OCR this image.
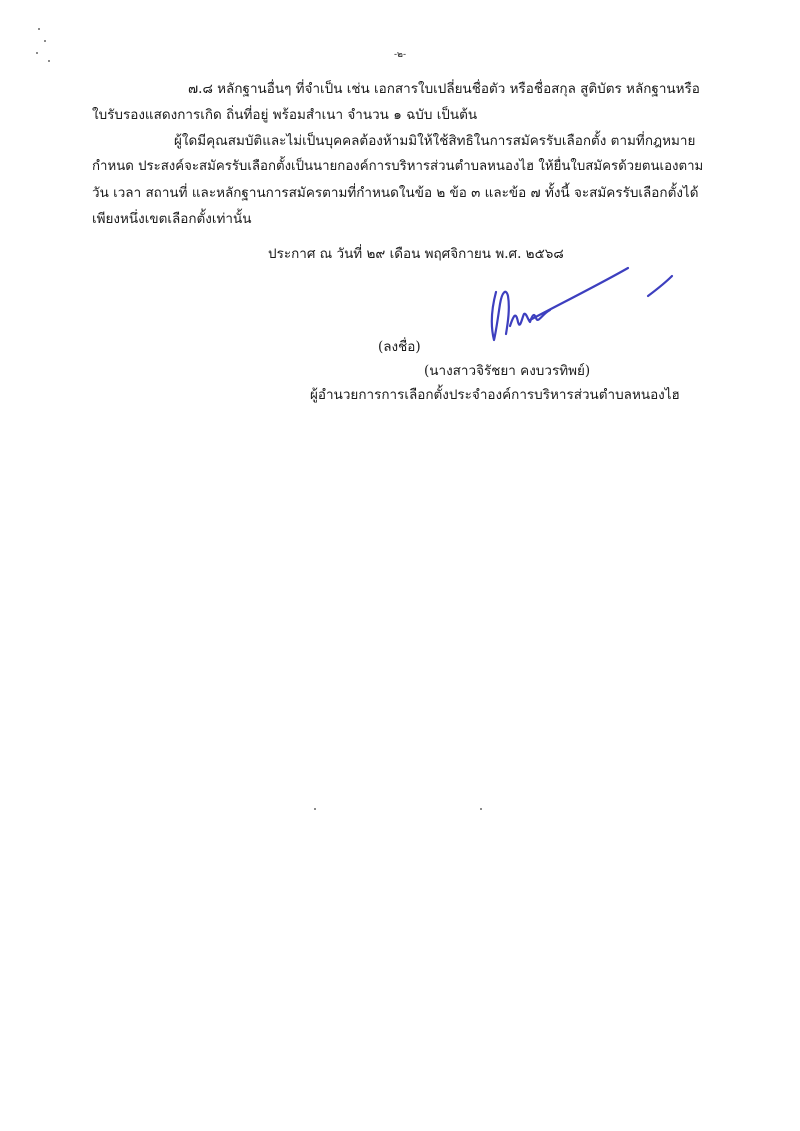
-๒-
๗.๘ หลักฐานอื่นๆ ที่จำเป็น เช่น เอกสารใบเปลี่ยนชื่อตัว หรือชื่อสกุล สูติบัตร หลักฐานหรือ
ใบรับรองแสดงการเกิด ถิ่นที่อยู่ พร้อมสำเนา จำนวน ๑ ฉบับ เป็นต้น
ผู้ใดมีคุณสมบัติและไม่เป็นบุคคลต้องห้ามมิให้ใช้สิทธิในการสมัครรับเลือกตั้ง ตามที่กฎหมาย
กำหนด ประสงค์จะสมัครรับเลือกตั้งเป็นนายกองค์การบริหารส่วนตำบลหนองไฮ ให้ยื่นใบสมัครด้วยตนเองตาม
วัน เวลา สถานที่ และหลักฐานการสมัครตามที่กำหนดในข้อ ๒ ข้อ ๓ และข้อ ๗ ทั้งนี้ จะสมัครรับเลือกตั้งได้
เพียงหนึ่งเขตเลือกตั้งเท่านั้น
ประกาศ ณ วันที่ ๒๙ เดือน พฤศจิกายน พ.ศ. ๒๕๖๘
(ลงชื่อ)
(นางสาวจิรัชยา คงบวรทิพย์)
ผู้อำนวยการการเลือกตั้งประจำองค์การบริหารส่วนตำบลหนองไฮ
